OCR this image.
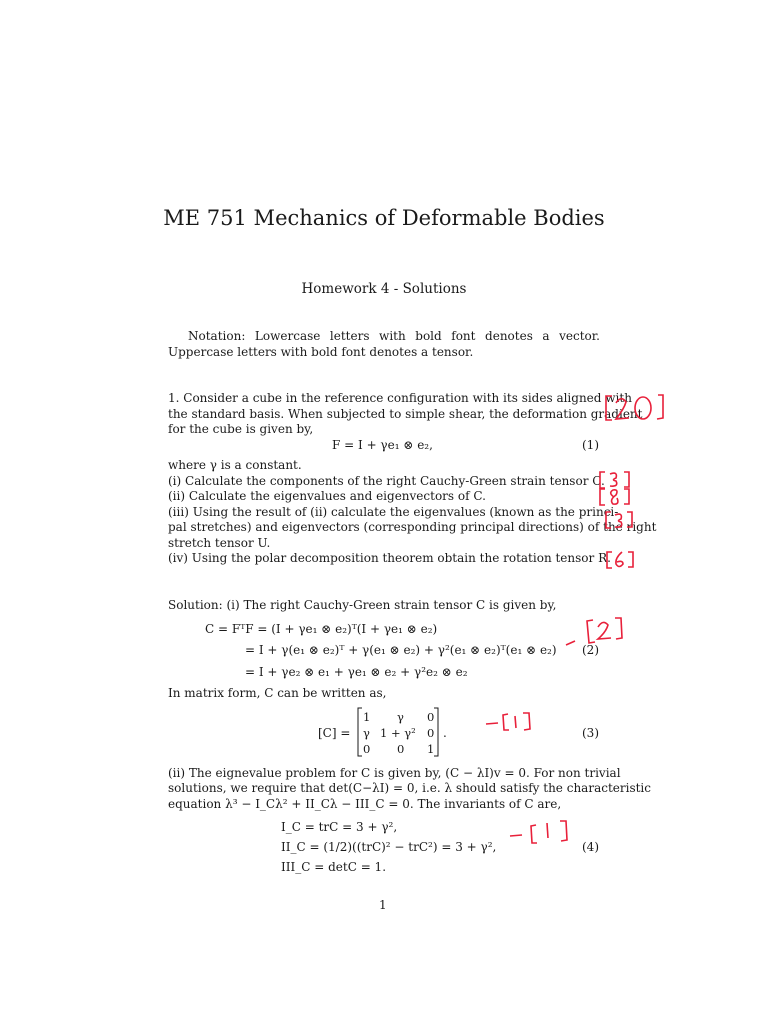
ME 751 Mechanics of Deformable Bodies
Homework 4 - Solutions
Notation: Lowercase letters with bold font denotes a vector. Uppercase letters with bold font denotes a tensor.
1. Consider a cube in the reference configuration with its sides aligned with
the standard basis. When subjected to simple shear, the deformation gradient
for the cube is given by,
F = I + γe₁ ⊗ e₂,	(1)
where γ is a constant.
(i) Calculate the components of the right Cauchy-Green strain tensor C.
(ii) Calculate the eigenvalues and eigenvectors of C.
(iii) Using the result of (ii) calculate the eigenvalues (known as the princi-
pal stretches) and eigenvectors (corresponding principal directions) of the right
stretch tensor U.
(iv) Using the polar decomposition theorem obtain the rotation tensor R.
Solution: (i) The right Cauchy-Green strain tensor C is given by,
C = FᵀF = (I + γe₁ ⊗ e₂)ᵀ(I + γe₁ ⊗ e₂)
= I + γ(e₁ ⊗ e₂)ᵀ + γ(e₁ ⊗ e₂) + γ²(e₁ ⊗ e₂)ᵀ(e₁ ⊗ e₂)
= I + γe₂ ⊗ e₁ + γe₁ ⊗ e₂ + γ²e₂ ⊗ e₂
(2)
In matrix form, C can be written as,
[C] =
1 γ 0
γ 1 + γ² 0
0 0 1
.	(3)
(ii) The eignevalue problem for C is given by, (C − λI)v = 0. For non trivial
solutions, we require that det(C−λI) = 0, i.e. λ should satisfy the characteristic
equation λ³ − I_Cλ² + II_Cλ − III_C = 0. The invariants of C are,
I_C = trC = 3 + γ²,
II_C = (1/2)((trC)² − trC²) = 3 + γ²,
III_C = detC = 1.
(4)
1
